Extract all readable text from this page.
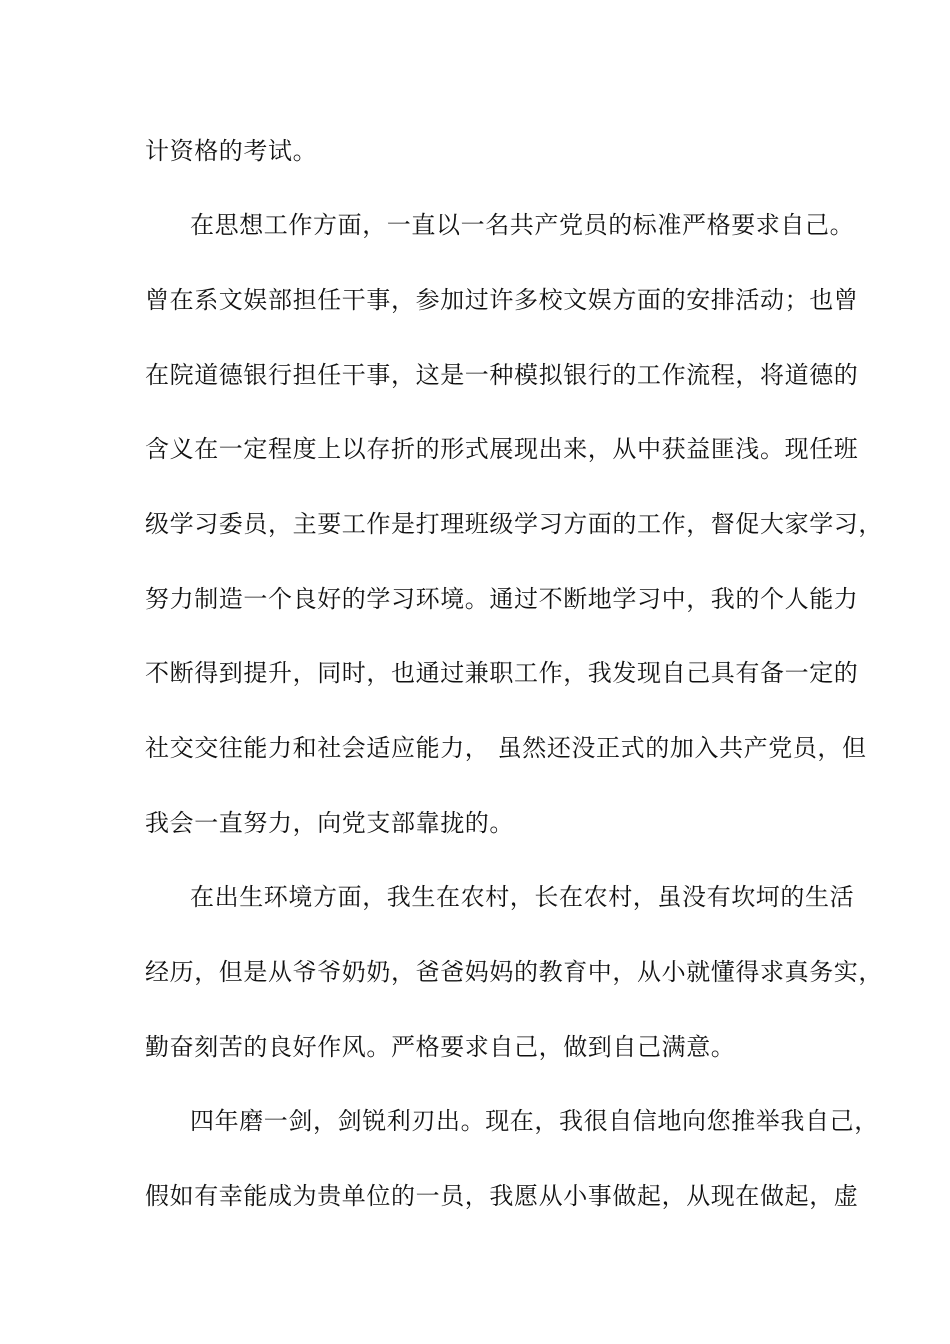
计资格的考试。
在思想工作方面，一直以一名共产党员的标准严格要求自己。
曾在系文娱部担任干事，参加过许多校文娱方面的安排活动；也曾
在院道德银行担任干事，这是一种模拟银行的工作流程，将道德的
含义在一定程度上以存折的形式展现出来，从中获益匪浅。现任班
级学习委员，主要工作是打理班级学习方面的工作，督促大家学习，
努力制造一个良好的学习环境。通过不断地学习中，我的个人能力
不断得到提升，同时，也通过兼职工作，我发现自己具有备一定的
社交交往能力和社会适应能力， 虽然还没正式的加入共产党员，但
我会一直努力，向党支部靠拢的。
在出生环境方面，我生在农村，长在农村，虽没有坎坷的生活
经历，但是从爷爷奶奶，爸爸妈妈的教育中，从小就懂得求真务实，
勤奋刻苦的良好作风。严格要求自己，做到自己满意。
四年磨一剑，剑锐利刃出。现在，我很自信地向您推举我自己，
假如有幸能成为贵单位的一员，我愿从小事做起，从现在做起，虚
